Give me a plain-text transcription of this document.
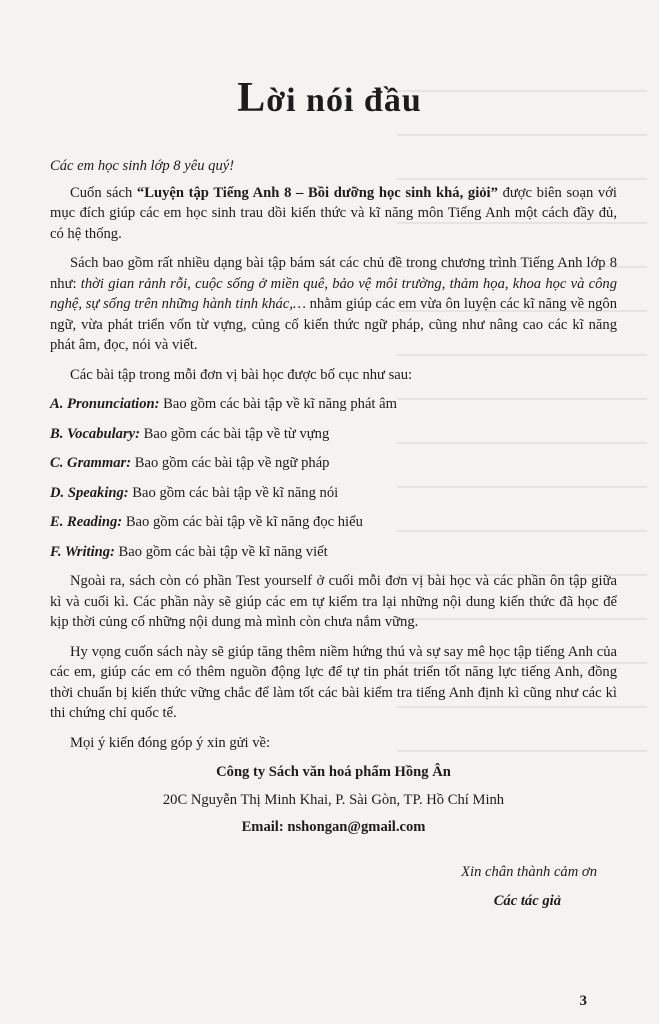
Lời nói đầu

Các em học sinh lớp 8 yêu quý!

Cuốn sách “Luyện tập Tiếng Anh 8 – Bồi dưỡng học sinh khá, giỏi” được biên soạn với mục đích giúp các em học sinh trau dồi kiến thức và kĩ năng môn Tiếng Anh một cách đầy đủ, có hệ thống.

Sách bao gồm rất nhiều dạng bài tập bám sát các chủ đề trong chương trình Tiếng Anh lớp 8 như: thời gian rảnh rỗi, cuộc sống ở miền quê, bảo vệ môi trường, thảm họa, khoa học và công nghệ, sự sống trên những hành tinh khác,… nhằm giúp các em vừa ôn luyện các kĩ năng về ngôn ngữ, vừa phát triển vốn từ vựng, củng cố kiến thức ngữ pháp, cũng như nâng cao các kĩ năng phát âm, đọc, nói và viết.

Các bài tập trong mỗi đơn vị bài học được bố cục như sau:

A. Pronunciation: Bao gồm các bài tập về kĩ năng phát âm

B. Vocabulary: Bao gồm các bài tập về từ vựng

C. Grammar: Bao gồm các bài tập về ngữ pháp

D. Speaking: Bao gồm các bài tập về kĩ năng nói

E. Reading: Bao gồm các bài tập về kĩ năng đọc hiểu

F. Writing: Bao gồm các bài tập về kĩ năng viết

Ngoài ra, sách còn có phần Test yourself ở cuối mỗi đơn vị bài học và các phần ôn tập giữa kì và cuối kì. Các phần này sẽ giúp các em tự kiểm tra lại những nội dung kiến thức đã học để kịp thời củng cố những nội dung mà mình còn chưa nắm vững.

Hy vọng cuốn sách này sẽ giúp tăng thêm niềm hứng thú và sự say mê học tập tiếng Anh của các em, giúp các em có thêm nguồn động lực để tự tin phát triển tốt năng lực tiếng Anh, đồng thời chuẩn bị kiến thức vững chắc để làm tốt các bài kiểm tra tiếng Anh định kì cũng như các kì thi chứng chỉ quốc tế.

Mọi ý kiến đóng góp ý xin gửi về:

Công ty Sách văn hoá phẩm Hồng Ân

20C Nguyễn Thị Minh Khai, P. Sài Gòn, TP. Hồ Chí Minh

Email: nshongan@gmail.com

Xin chân thành cảm ơn

Các tác giả

3
